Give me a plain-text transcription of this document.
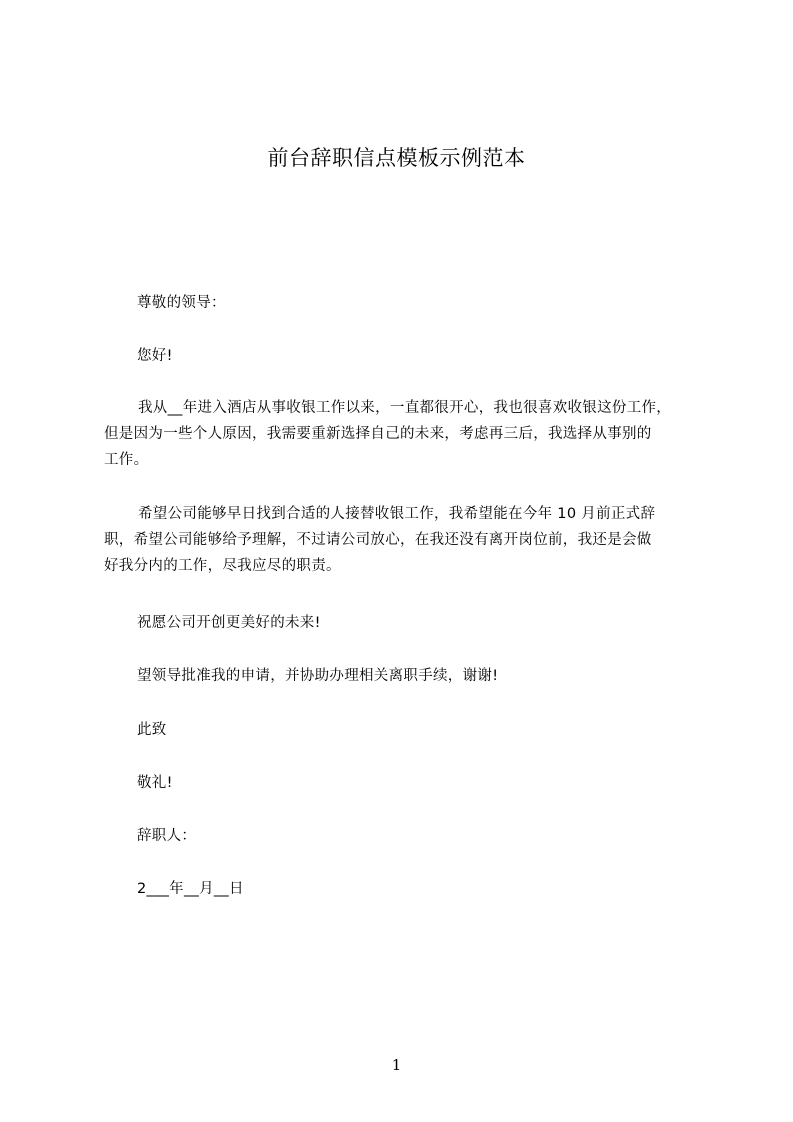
前台辞职信点模板示例范本
尊敬的领导：
您好!
我从__年进入酒店从事收银工作以来，一直都很开心，我也很喜欢收银这份工作，
但是因为一些个人原因，我需要重新选择自己的未来，考虑再三后，我选择从事别的
工作。
希望公司能够早日找到合适的人接替收银工作，我希望能在今年 10 月前正式辞
职，希望公司能够给予理解，不过请公司放心，在我还没有离开岗位前，我还是会做
好我分内的工作，尽我应尽的职责。
祝愿公司开创更美好的未来!
望领导批准我的申请，并协助办理相关离职手续，谢谢!
此致
敬礼!
辞职人：
2___年__月__日
1
